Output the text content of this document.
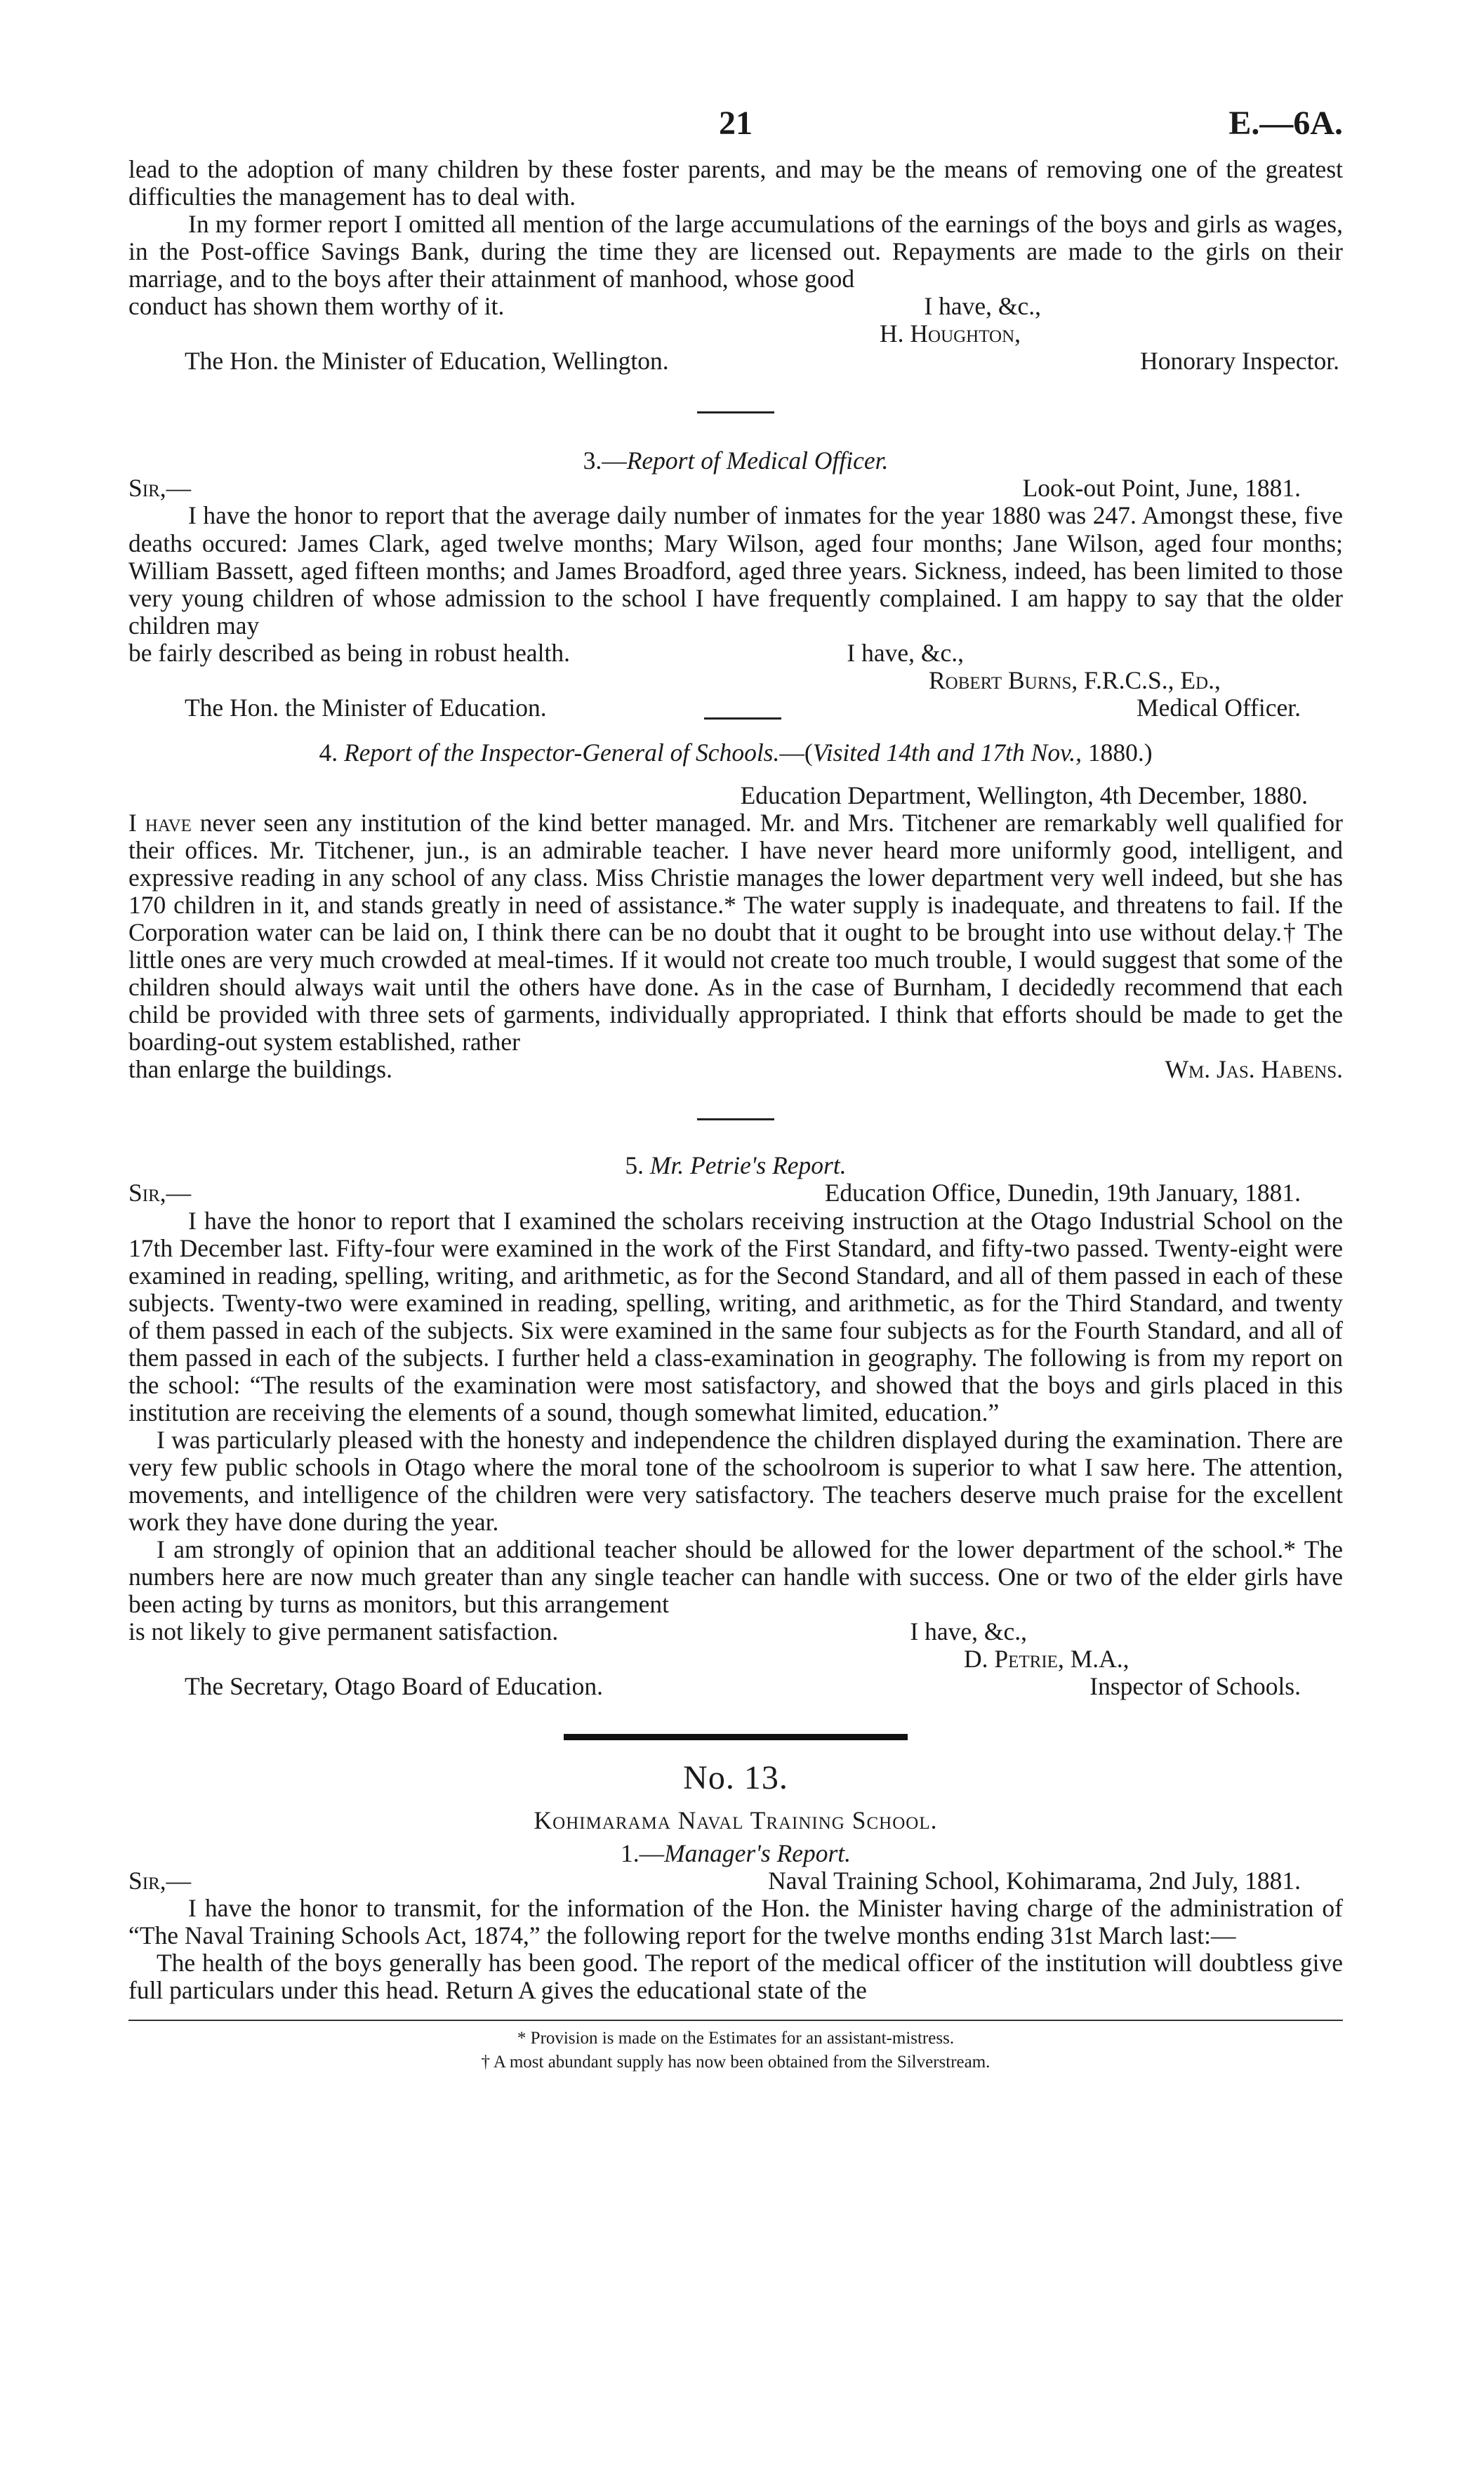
21	E.—6A.

lead to the adoption of many children by these foster parents, and may be the means of removing one of the greatest difficulties the management has to deal with.

In my former report I omitted all mention of the large accumulations of the earnings of the boys and girls as wages, in the Post-office Savings Bank, during the time they are licensed out. Repayments are made to the girls on their marriage, and to the boys after their attainment of manhood, whose good

conduct has shown them worthy of it.	I have, &c.,
H. Houghton,
The Hon. the Minister of Education, Wellington.	Honorary Inspector.
3.—Report of Medical Officer.
Sir,—	Look-out Point, June, 1881.

I have the honor to report that the average daily number of inmates for the year 1880 was 247. Amongst these, five deaths occured: James Clark, aged twelve months; Mary Wilson, aged four months; Jane Wilson, aged four months; William Bassett, aged fifteen months; and James Broadford, aged three years. Sickness, indeed, has been limited to those very young children of whose admission to the school I have frequently complained. I am happy to say that the older children may

be fairly described as being in robust health.	I have, &c.,
Robert Burns, F.R.C.S., Ed.,
The Hon. the Minister of Education.	Medical Officer.
4. Report of the Inspector-General of Schools.—(Visited 14th and 17th Nov., 1880.)
Education Department, Wellington, 4th December, 1880.

I have never seen any institution of the kind better managed. Mr. and Mrs. Titchener are remarkably well qualified for their offices. Mr. Titchener, jun., is an admirable teacher. I have never heard more uniformly good, intelligent, and expressive reading in any school of any class. Miss Christie manages the lower department very well indeed, but she has 170 children in it, and stands greatly in need of assistance.* The water supply is inadequate, and threatens to fail. If the Corporation water can be laid on, I think there can be no doubt that it ought to be brought into use without delay.† The little ones are very much crowded at meal-times. If it would not create too much trouble, I would suggest that some of the children should always wait until the others have done. As in the case of Burnham, I decidedly recommend that each child be provided with three sets of garments, individually appropriated. I think that efforts should be made to get the boarding-out system established, rather

than enlarge the buildings.	Wm. Jas. Habens.
5. Mr. Petrie's Report.
Sir,—	Education Office, Dunedin, 19th January, 1881.

I have the honor to report that I examined the scholars receiving instruction at the Otago Industrial School on the 17th December last. Fifty-four were examined in the work of the First Standard, and fifty-two passed. Twenty-eight were examined in reading, spelling, writing, and arithmetic, as for the Second Standard, and all of them passed in each of these subjects. Twenty-two were examined in reading, spelling, writing, and arithmetic, as for the Third Standard, and twenty of them passed in each of the subjects. Six were examined in the same four subjects as for the Fourth Standard, and all of them passed in each of the subjects. I further held a class-examination in geography. The following is from my report on the school: “The results of the examination were most satisfactory, and showed that the boys and girls placed in this institution are receiving the elements of a sound, though somewhat limited, education.”

I was particularly pleased with the honesty and independence the children displayed during the examination. There are very few public schools in Otago where the moral tone of the schoolroom is superior to what I saw here. The attention, movements, and intelligence of the children were very satisfactory. The teachers deserve much praise for the excellent work they have done during the year.

I am strongly of opinion that an additional teacher should be allowed for the lower department of the school.* The numbers here are now much greater than any single teacher can handle with success. One or two of the elder girls have been acting by turns as monitors, but this arrangement

is not likely to give permanent satisfaction.	I have, &c.,
D. Petrie, M.A.,
The Secretary, Otago Board of Education.	Inspector of Schools.
No. 13.
Kohimarama Naval Training School.
1.—Manager's Report.
Sir,—	Naval Training School, Kohimarama, 2nd July, 1881.

I have the honor to transmit, for the information of the Hon. the Minister having charge of the administration of “The Naval Training Schools Act, 1874,” the following report for the twelve months ending 31st March last:—

The health of the boys generally has been good. The report of the medical officer of the institution will doubtless give full particulars under this head. Return A gives the educational state of the

* Provision is made on the Estimates for an assistant-mistress.
† A most abundant supply has now been obtained from the Silverstream.
